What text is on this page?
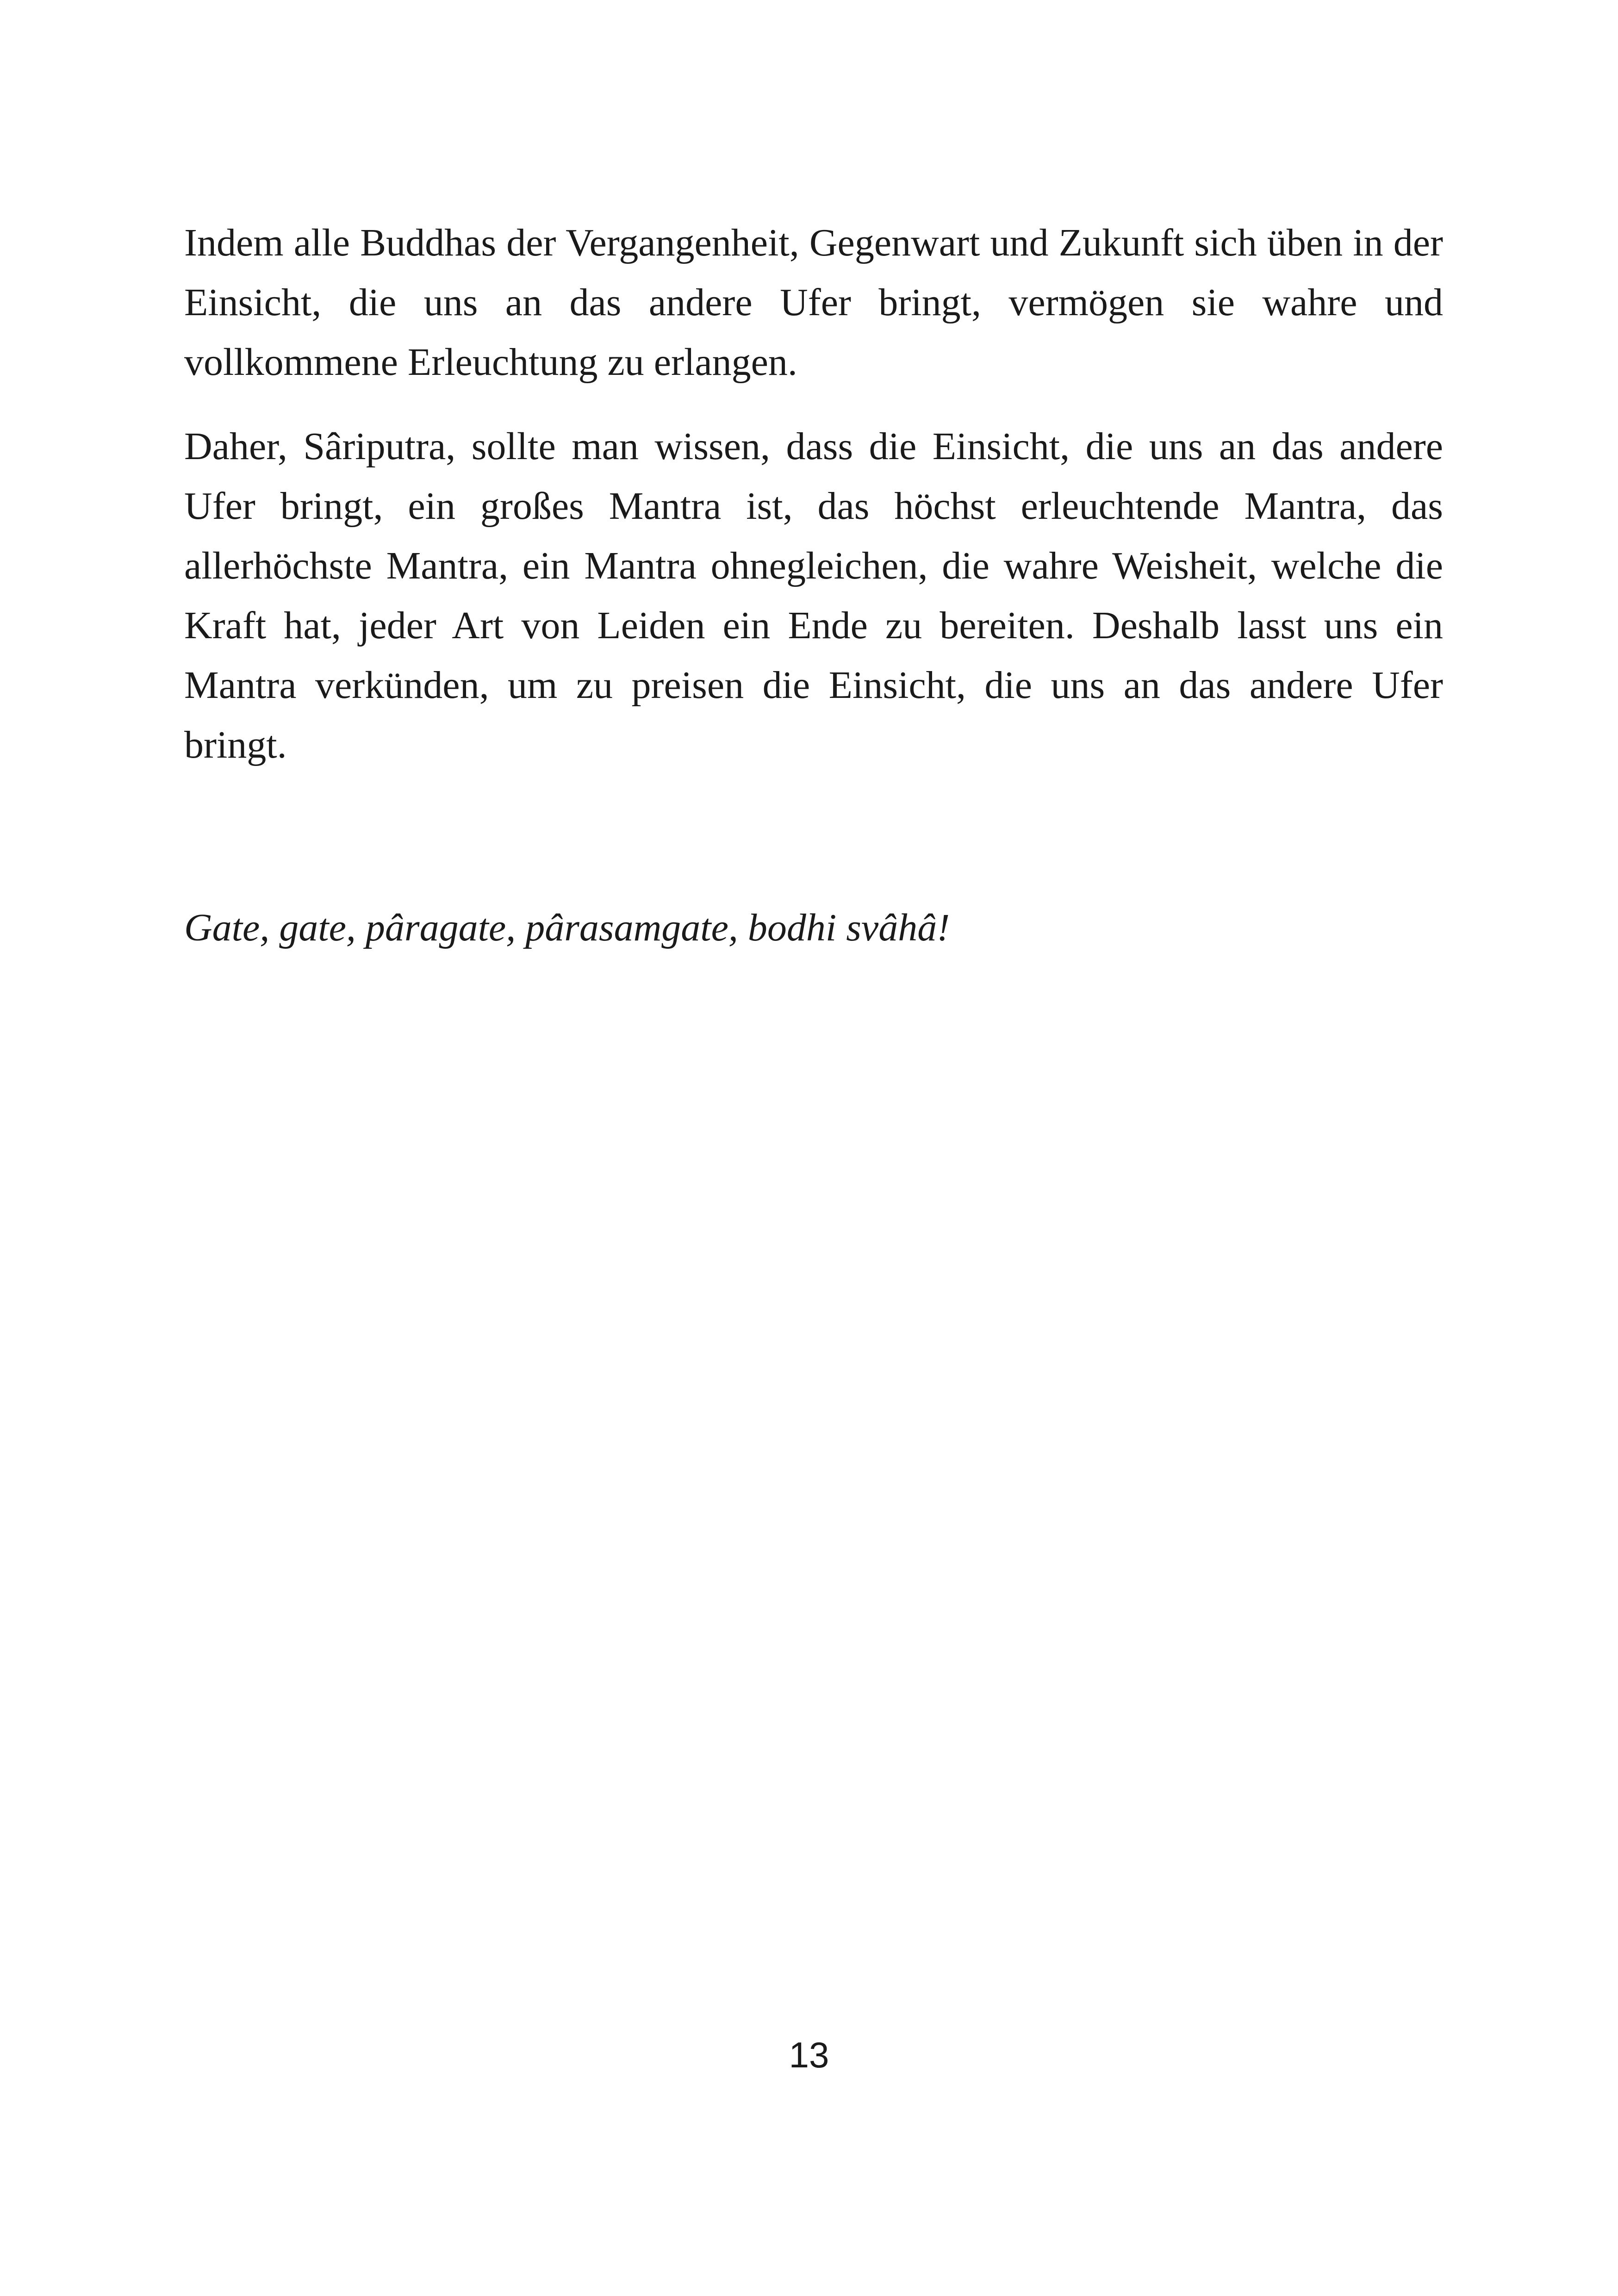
Indem alle Buddhas der Vergangenheit, Gegenwart und Zukunft sich üben in der Einsicht, die uns an das andere Ufer bringt, vermögen sie wahre und vollkommene Erleuchtung zu erlangen.

Daher, Sâriputra, sollte man wissen, dass die Einsicht, die uns an das andere Ufer bringt, ein großes Mantra ist, das höchst erleuchtende Mantra, das allerhöchste Mantra, ein Mantra ohnegleichen, die wahre Weisheit, welche die Kraft hat, jeder Art von Leiden ein Ende zu bereiten. Deshalb lasst uns ein Mantra verkünden, um zu preisen die Einsicht, die uns an das andere Ufer bringt.

Gate, gate, pâragate, pârasamgate, bodhi svâhâ!

13
